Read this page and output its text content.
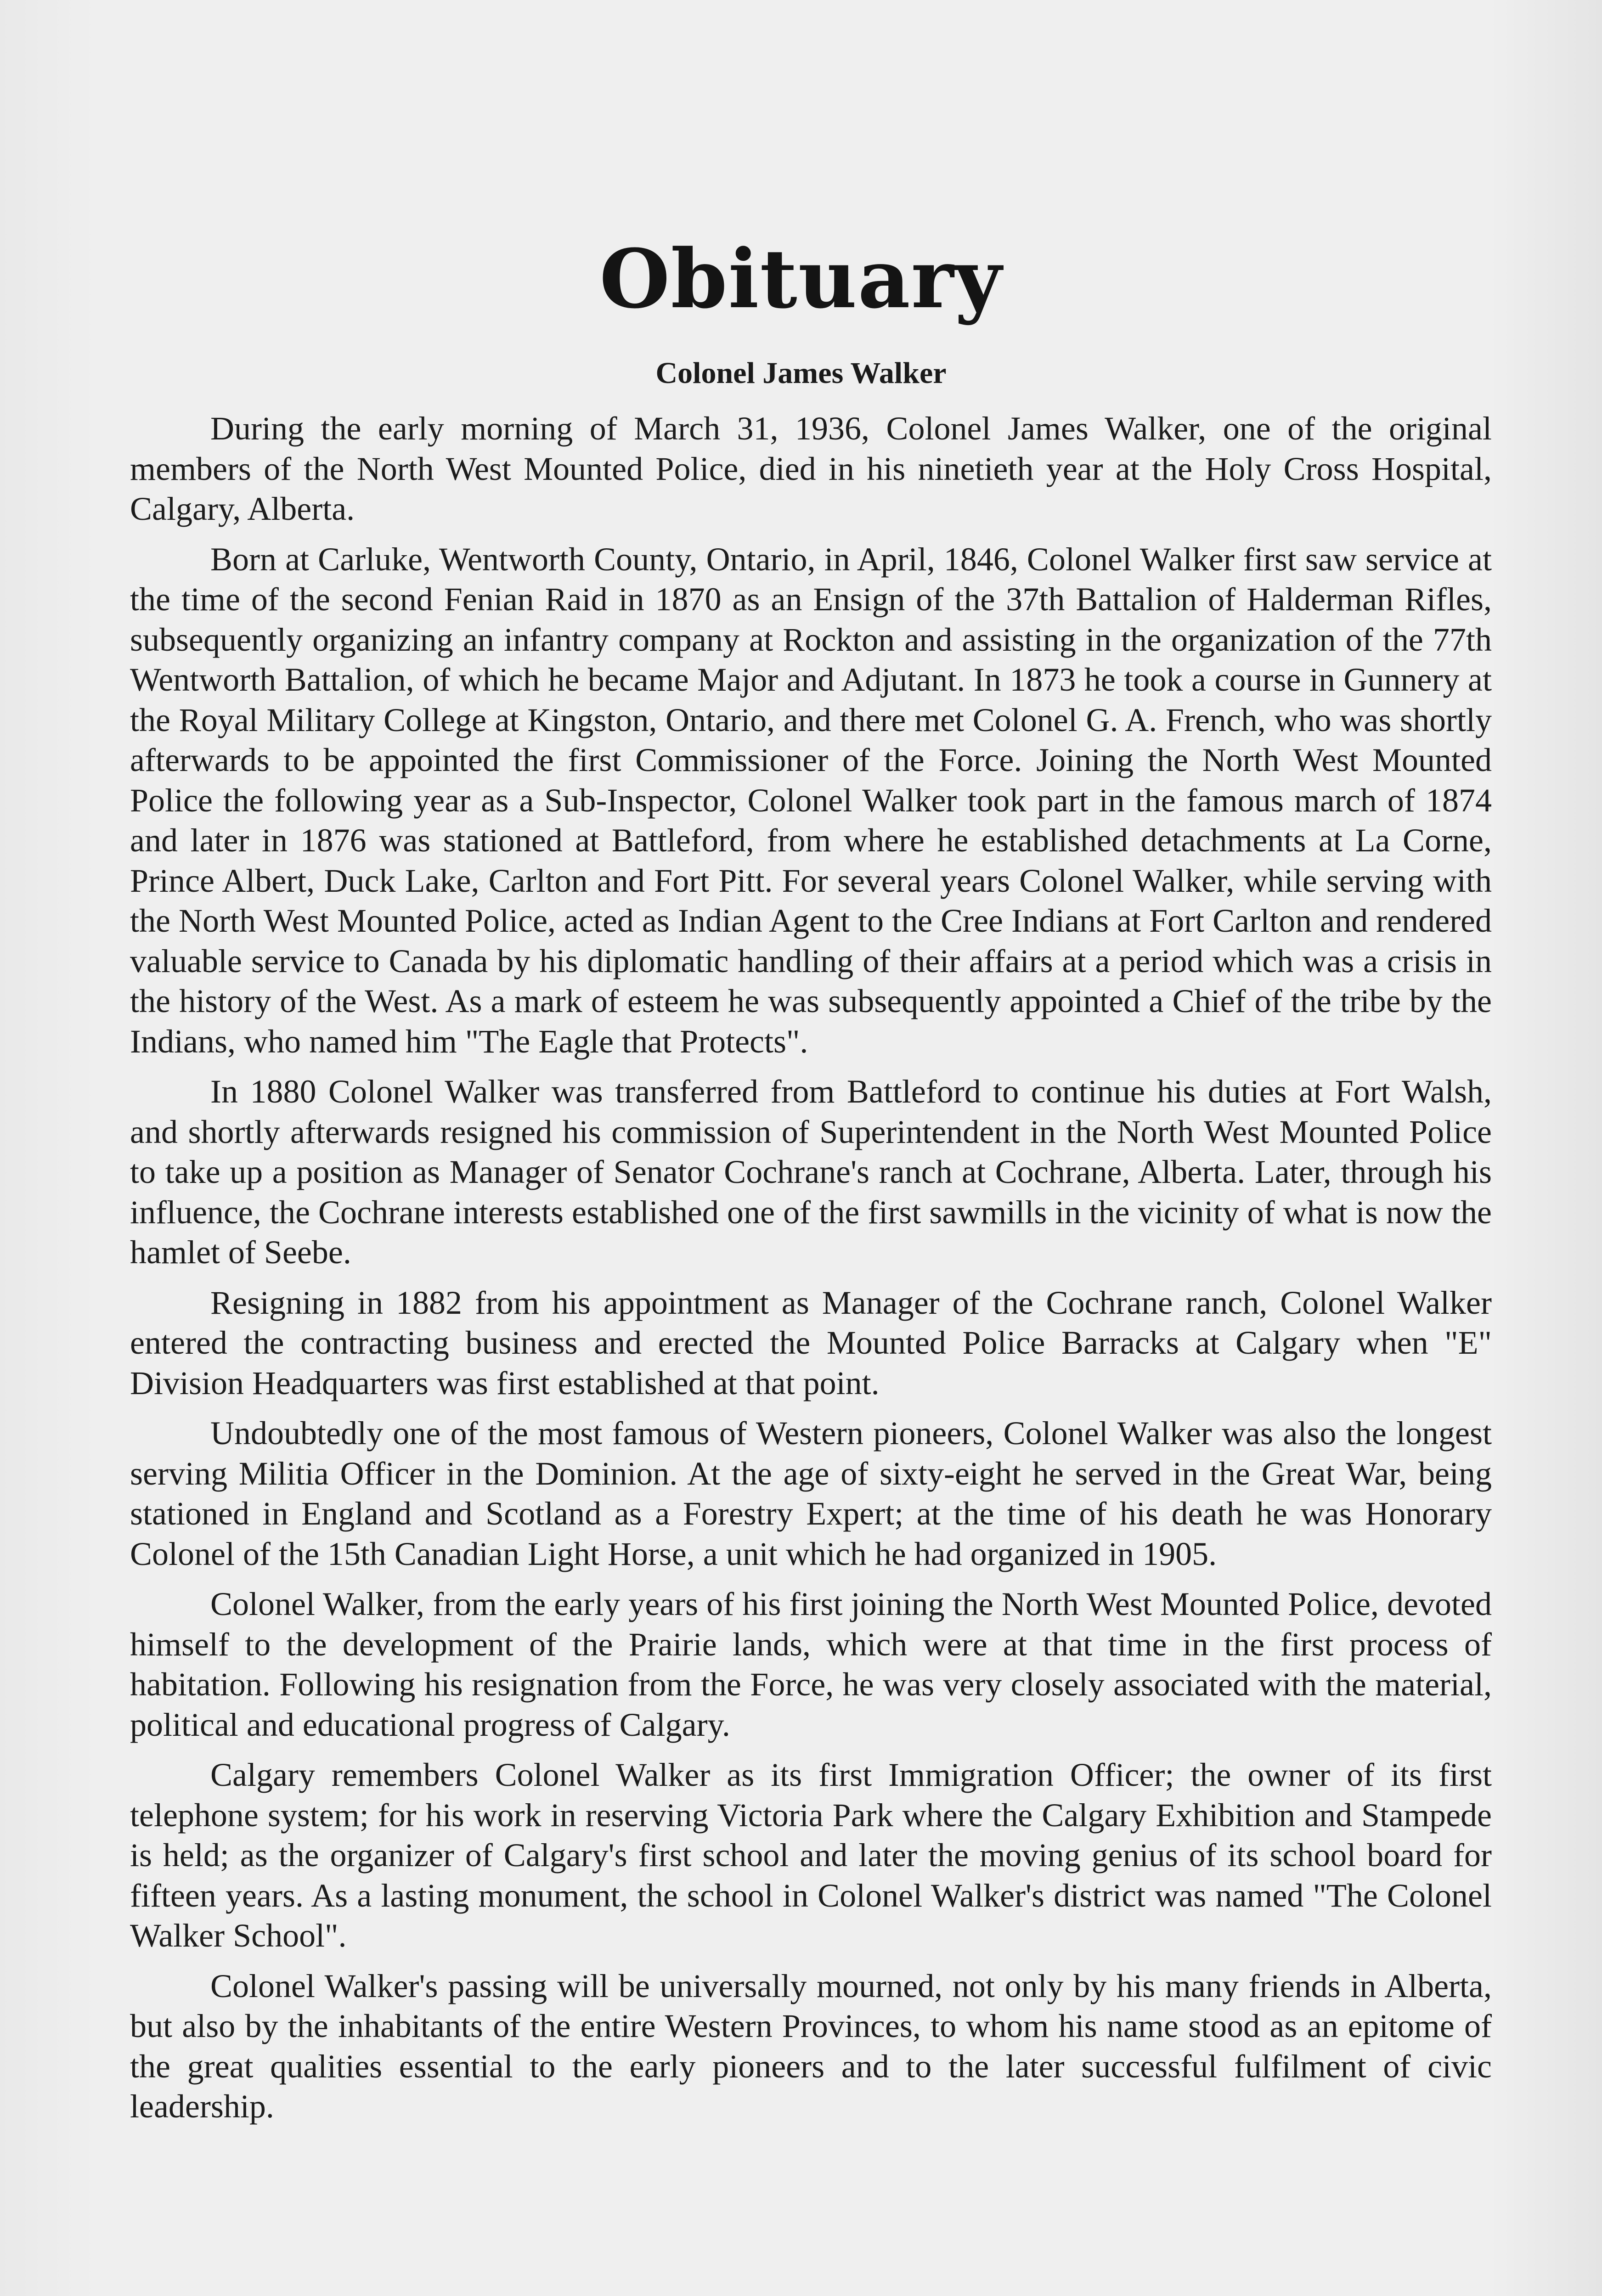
Obituary
Colonel James Walker

During the early morning of March 31, 1936, Colonel James Walker, one of the original members of the North West Mounted Police, died in his ninetieth year at the Holy Cross Hospital, Calgary, Alberta.

Born at Carluke, Wentworth County, Ontario, in April, 1846, Colonel Walker first saw service at the time of the second Fenian Raid in 1870 as an Ensign of the 37th Battalion of Halderman Rifles, subsequently organizing an infantry company at Rockton and assisting in the organization of the 77th Wentworth Battalion, of which he became Major and Adjutant. In 1873 he took a course in Gunnery at the Royal Military College at Kingston, Ontario, and there met Colonel G. A. French, who was shortly afterwards to be appointed the first Commissioner of the Force. Joining the North West Mounted Police the following year as a Sub-Inspector, Colonel Walker took part in the famous march of 1874 and later in 1876 was stationed at Battleford, from where he established detachments at La Corne, Prince Albert, Duck Lake, Carlton and Fort Pitt. For several years Colonel Walker, while serving with the North West Mounted Police, acted as Indian Agent to the Cree Indians at Fort Carlton and rendered valuable service to Canada by his diplomatic handling of their affairs at a period which was a crisis in the history of the West. As a mark of esteem he was subsequently appointed a Chief of the tribe by the Indians, who named him "The Eagle that Protects".

In 1880 Colonel Walker was transferred from Battleford to continue his duties at Fort Walsh, and shortly afterwards resigned his commission of Superintendent in the North West Mounted Police to take up a position as Manager of Senator Cochrane's ranch at Cochrane, Alberta. Later, through his influence, the Cochrane interests established one of the first sawmills in the vicinity of what is now the hamlet of Seebe.

Resigning in 1882 from his appointment as Manager of the Cochrane ranch, Colonel Walker entered the contracting business and erected the Mounted Police Barracks at Calgary when "E" Division Headquarters was first established at that point.

Undoubtedly one of the most famous of Western pioneers, Colonel Walker was also the longest serving Militia Officer in the Dominion. At the age of sixty-eight he served in the Great War, being stationed in England and Scotland as a Forestry Expert; at the time of his death he was Honorary Colonel of the 15th Canadian Light Horse, a unit which he had organized in 1905.

Colonel Walker, from the early years of his first joining the North West Mounted Police, devoted himself to the development of the Prairie lands, which were at that time in the first process of habitation. Following his resignation from the Force, he was very closely associated with the material, political and educational progress of Calgary.

Calgary remembers Colonel Walker as its first Immigration Officer; the owner of its first telephone system; for his work in reserving Victoria Park where the Calgary Exhibition and Stampede is held; as the organizer of Calgary's first school and later the moving genius of its school board for fifteen years. As a lasting monument, the school in Colonel Walker's district was named "The Colonel Walker School".

Colonel Walker's passing will be universally mourned, not only by his many friends in Alberta, but also by the inhabitants of the entire Western Provinces, to whom his name stood as an epitome of the great qualities essential to the early pioneers and to the later successful fulfilment of civic leadership.
